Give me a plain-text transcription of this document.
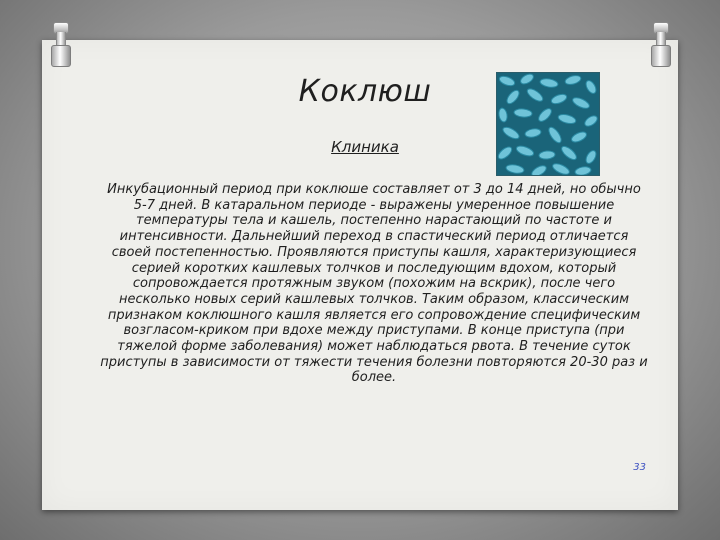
Коклюш
Клиника

Инкубационный период при коклюше составляет от 3 до 14 дней, но обычно 5-7 дней. В катаральном периоде - выражены умеренное повышение температуры тела и кашель, постепенно нарастающий по частоте и интенсивности. Дальнейший переход в спастический период отличается своей постепенностью. Проявляются приступы кашля, характеризующиеся серией коротких кашлевых толчков и последующим вдохом, который сопровождается протяжным звуком (похожим на вскрик), после чего несколько новых серий кашлевых толчков. Таким образом, классическим признаком коклюшного кашля является его сопровождение специфическим возгласом-криком при вдохе между приступами. В конце приступа (при тяжелой форме заболевания) может наблюдаться рвота. В течение суток приступы в зависимости от тяжести течения болезни повторяются 20-30 раз и более.

33
